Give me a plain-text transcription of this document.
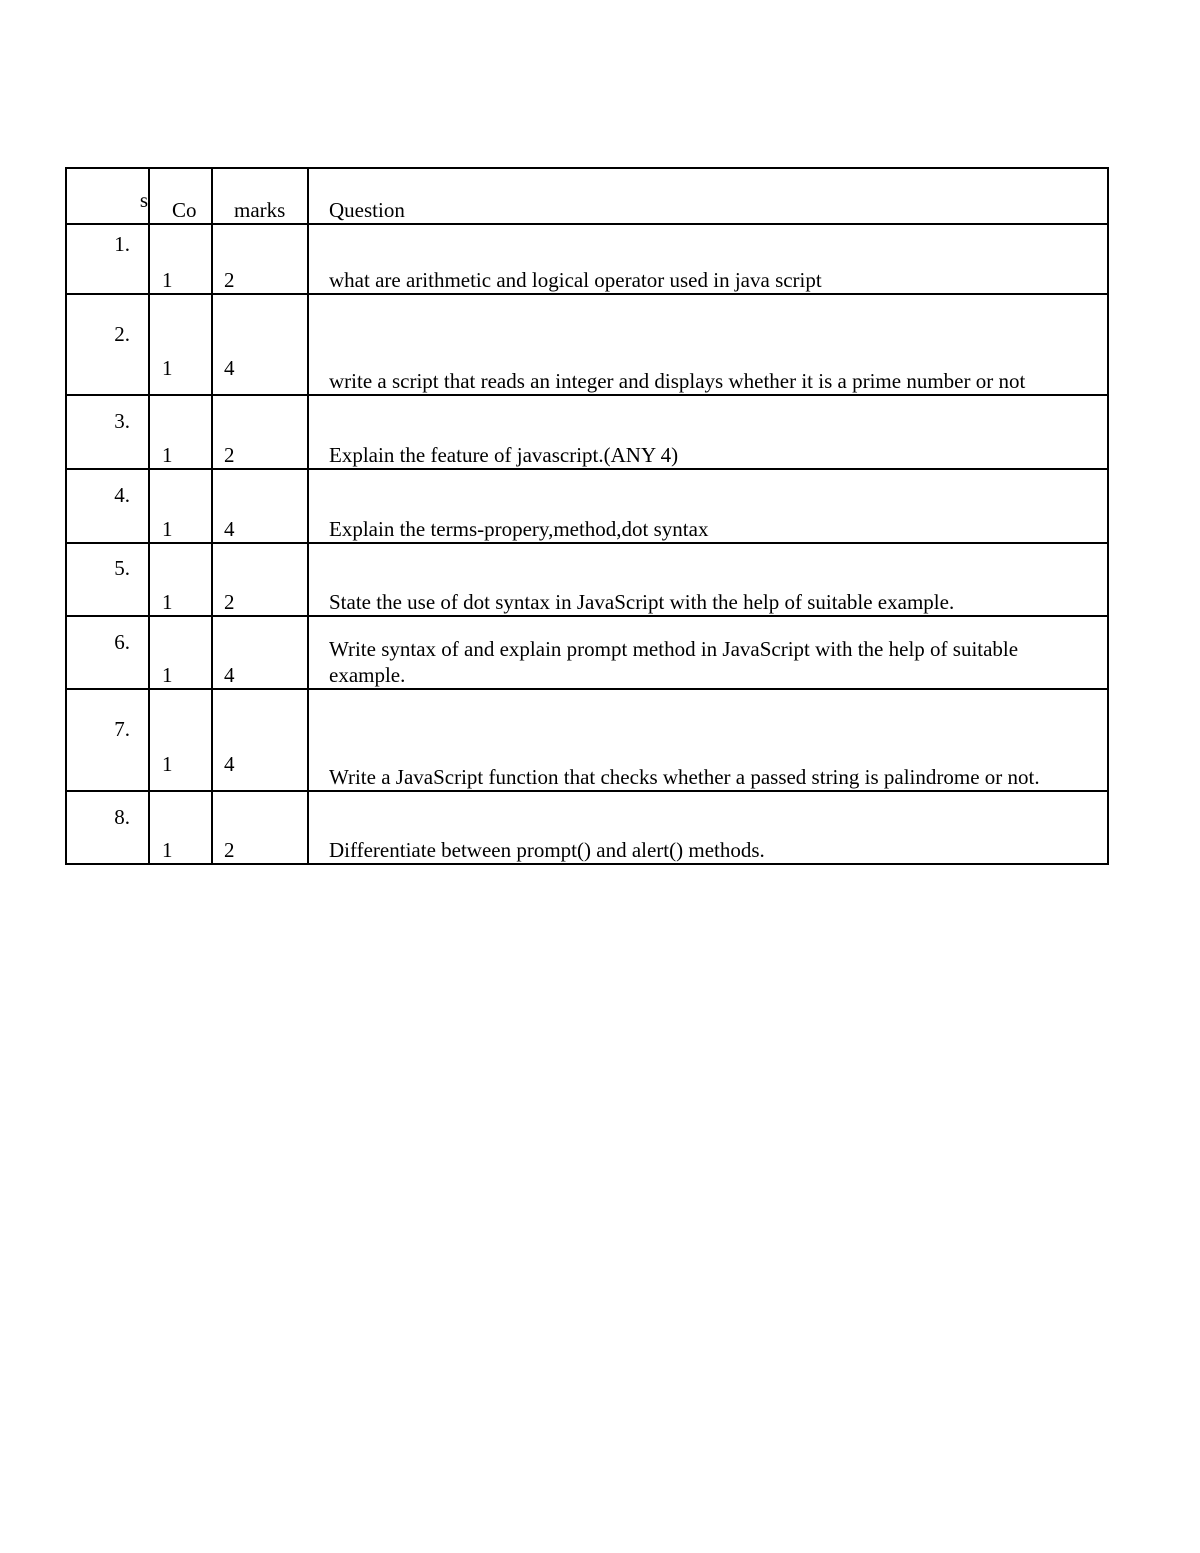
s	Co	marks	Question

1.	1	2	what are arithmetic and logical operator used in java script

2.	1	4	write a script that reads an integer and displays whether it is a prime number or not

3.	1	2	Explain the feature of javascript.(ANY 4)

4.	1	4	Explain the terms-propery,method,dot syntax

5.	1	2	State the use of dot syntax in JavaScript with the help of suitable example.

6.	1	4	Write syntax of and explain prompt method in JavaScript with the help of suitable example.

7.	1	4	Write a JavaScript function that checks whether a passed string is palindrome or not.

8.	1	2	Differentiate between prompt() and alert() methods.
